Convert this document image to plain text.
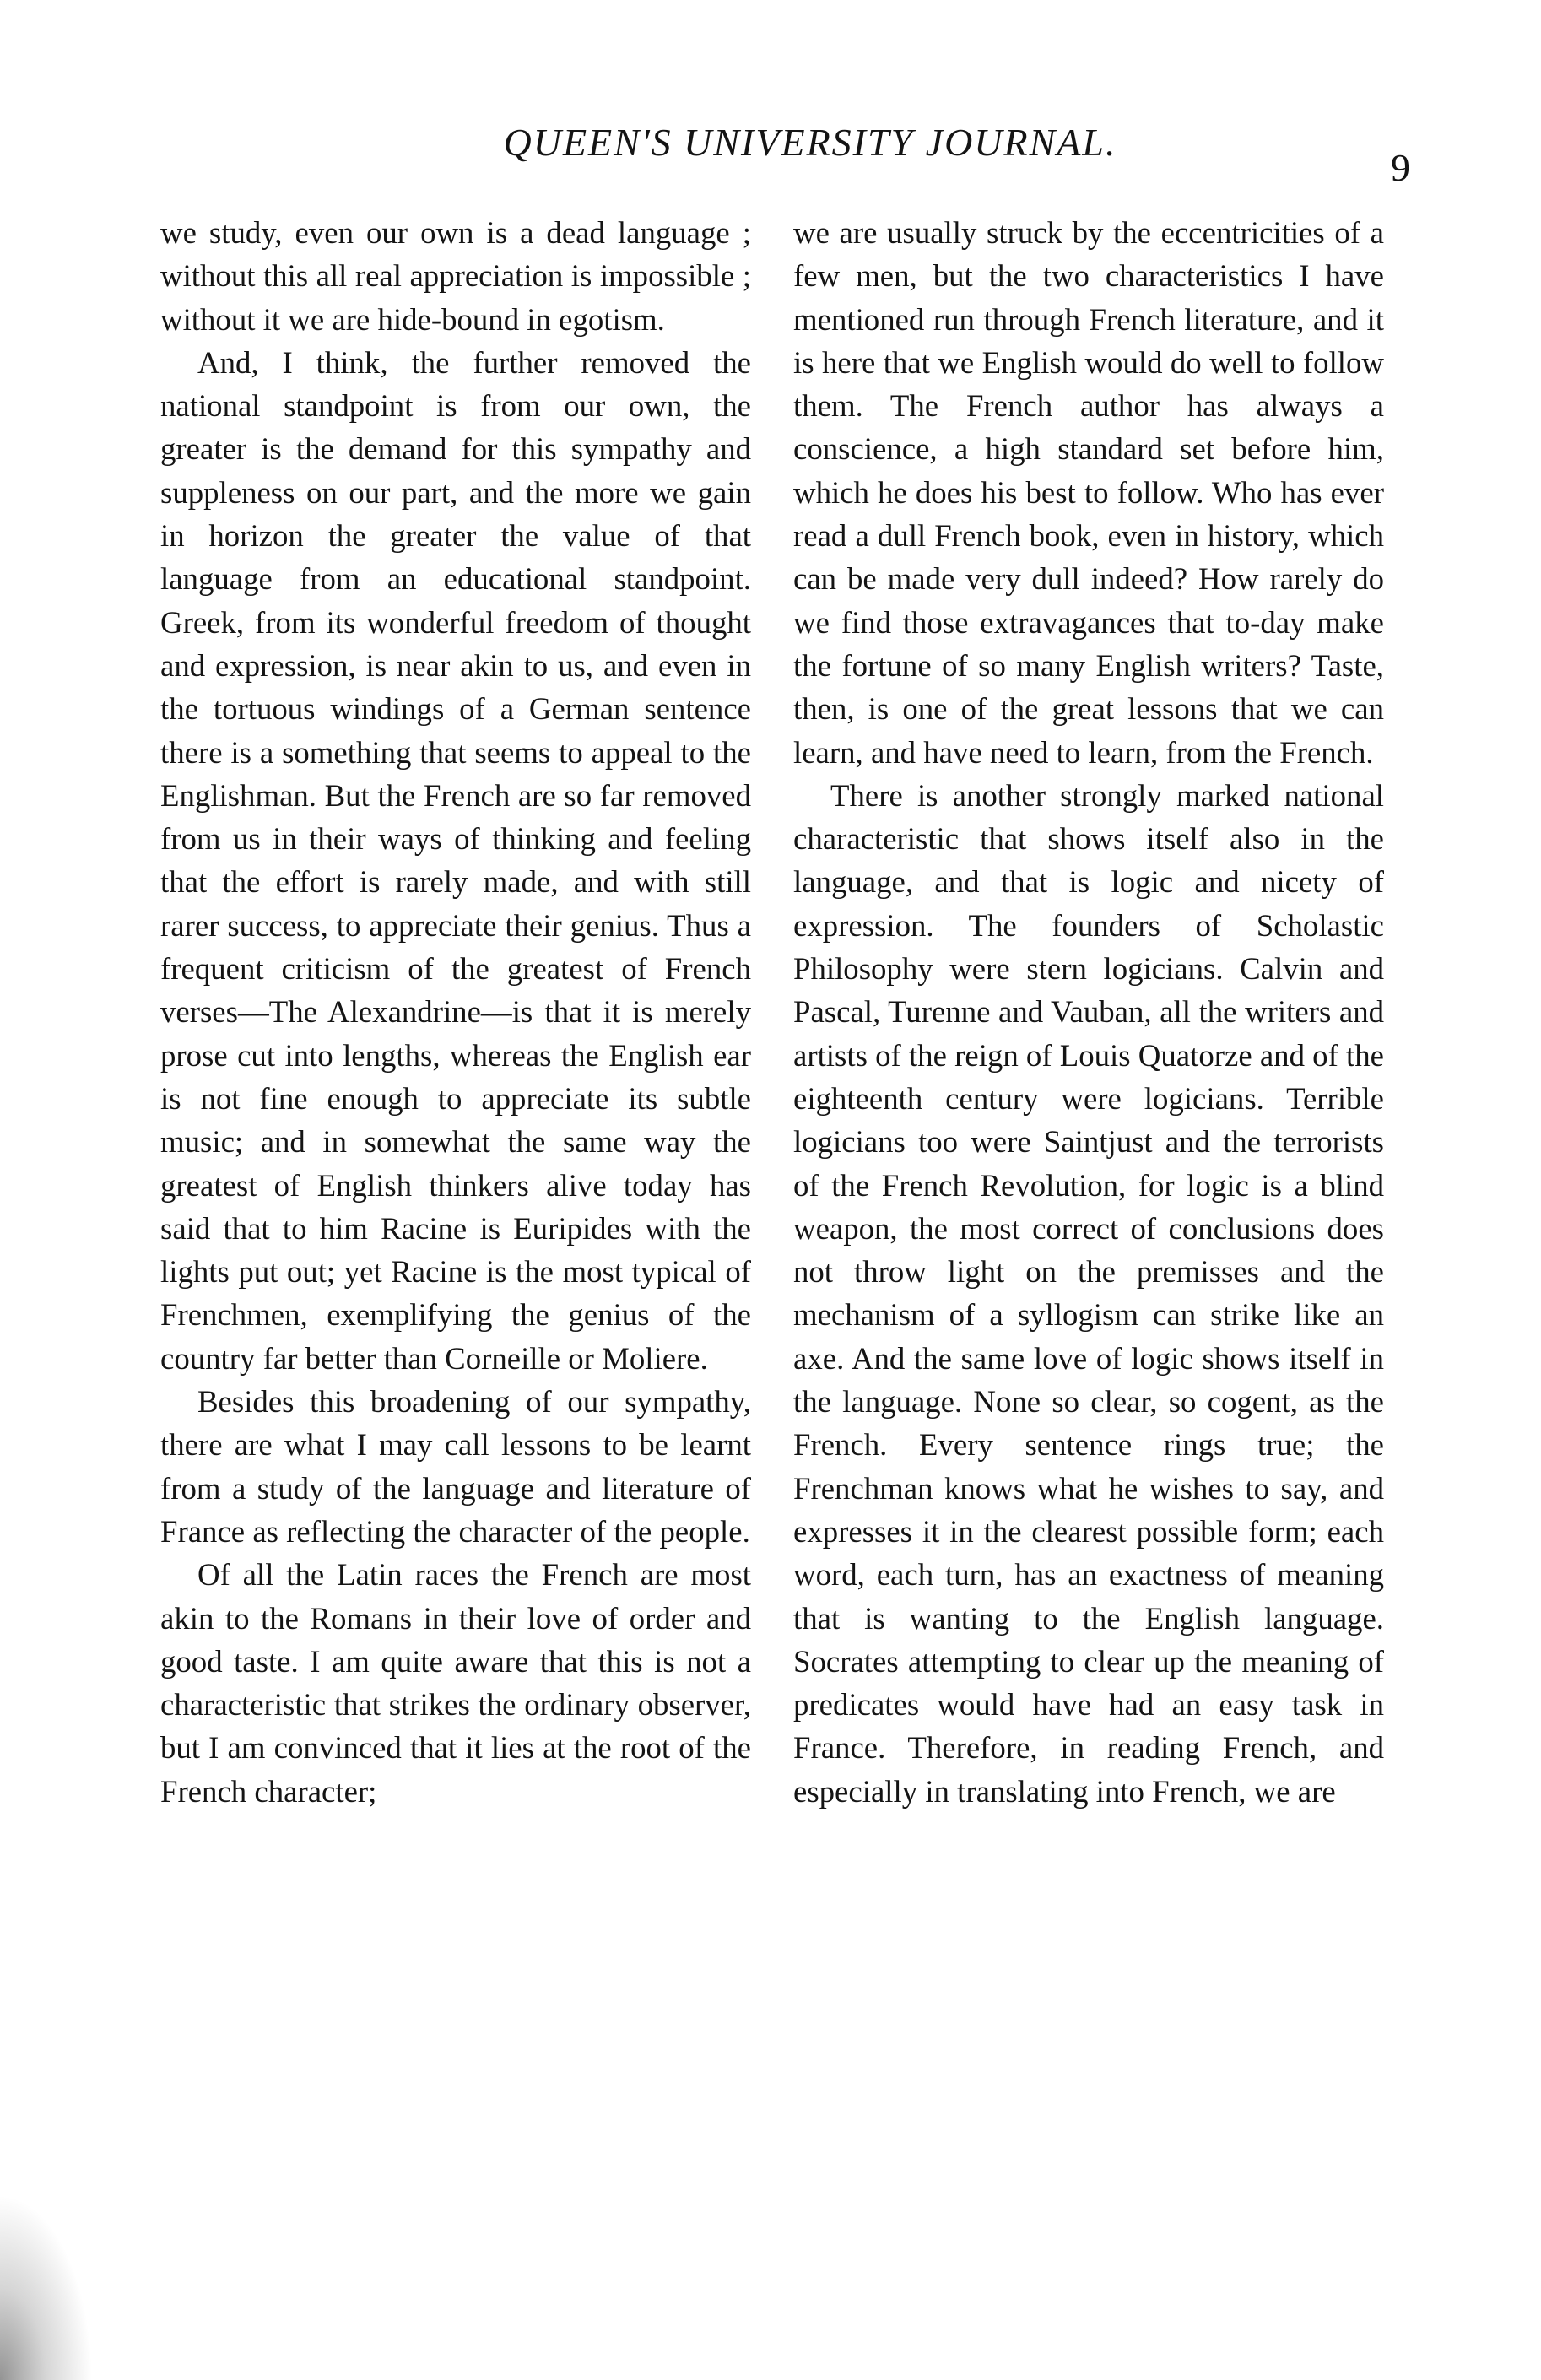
QUEEN'S UNIVERSITY JOURNAL.
9

we study, even our own is a dead language ; without this all real appreciation is impossible ; without it we are hide-bound in egotism.

And, I think, the further removed the national standpoint is from our own, the greater is the demand for this sympathy and suppleness on our part, and the more we gain in horizon the greater the value of that language from an educational standpoint. Greek, from its wonderful freedom of thought and expression, is near akin to us, and even in the tortuous windings of a German sentence there is a something that seems to appeal to the Englishman. But the French are so far removed from us in their ways of thinking and feeling that the effort is rarely made, and with still rarer success, to appreciate their genius. Thus a frequent criticism of the greatest of French verses—The Alexandrine—is that it is merely prose cut into lengths, whereas the English ear is not fine enough to appreciate its subtle music; and in somewhat the same way the greatest of English thinkers alive today has said that to him Racine is Euripides with the lights put out; yet Racine is the most typical of Frenchmen, exemplifying the genius of the country far better than Corneille or Moliere.

Besides this broadening of our sympathy, there are what I may call lessons to be learnt from a study of the language and literature of France as reflecting the character of the people.

Of all the Latin races the French are most akin to the Romans in their love of order and good taste. I am quite aware that this is not a characteristic that strikes the ordinary observer, but I am convinced that it lies at the root of the French character;

we are usually struck by the eccentricities of a few men, but the two characteristics I have mentioned run through French literature, and it is here that we English would do well to follow them. The French author has always a conscience, a high standard set before him, which he does his best to follow. Who has ever read a dull French book, even in history, which can be made very dull indeed? How rarely do we find those extravagances that to-day make the fortune of so many English writers? Taste, then, is one of the great lessons that we can learn, and have need to learn, from the French.

There is another strongly marked national characteristic that shows itself also in the language, and that is logic and nicety of expression. The founders of Scholastic Philosophy were stern logicians. Calvin and Pascal, Turenne and Vauban, all the writers and artists of the reign of Louis Quatorze and of the eighteenth century were logicians. Terrible logicians too were Saintjust and the terrorists of the French Revolution, for logic is a blind weapon, the most correct of conclusions does not throw light on the premisses and the mechanism of a syllogism can strike like an axe. And the same love of logic shows itself in the language. None so clear, so cogent, as the French. Every sentence rings true; the Frenchman knows what he wishes to say, and expresses it in the clearest possible form; each word, each turn, has an exactness of meaning that is wanting to the English language. Socrates attempting to clear up the meaning of predicates would have had an easy task in France. Therefore, in reading French, and especially in translating into French, we are
